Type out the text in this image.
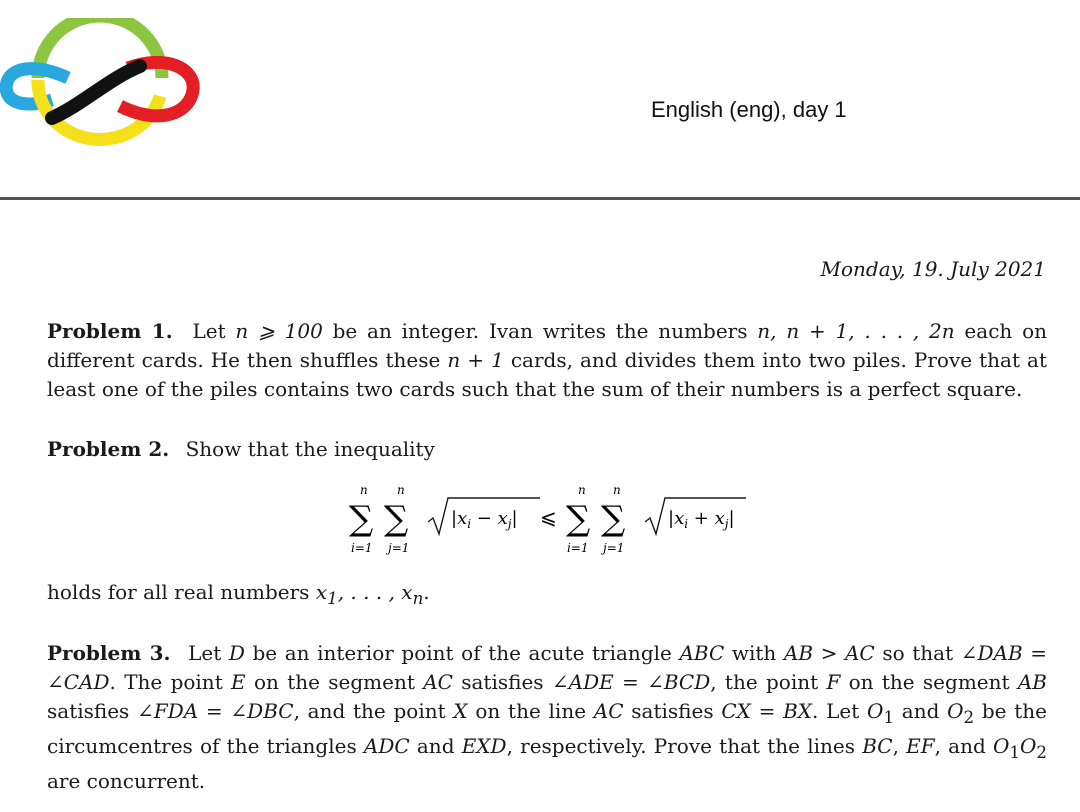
English (eng), day 1
Monday, 19. July 2021
Problem 1. Let n ⩾ 100 be an integer. Ivan writes the numbers n, n + 1, . . . , 2n each on different cards. He then shuffles these n + 1 cards, and divides them into two piles. Prove that at least one of the piles contains two cards such that the sum of their numbers is a perfect square.
Problem 2. Show that the inequality
n n
∑ ∑
i=1 j=1
$|x_i - x_j|$ ⩽
n n
∑ ∑
i=1 j=1
$|x_i + x_j|$
holds for all real numbers $x_1$, . . . , $x_n$.
Problem 3. Let D be an interior point of the acute triangle ABC with AB > AC so that ∠DAB = ∠CAD. The point E on the segment AC satisfies ∠ADE = ∠BCD, the point F on the segment AB satisfies ∠FDA = ∠DBC, and the point X on the line AC satisfies CX = BX. Let $O_1$ and $O_2$ be the circumcentres of the triangles ADC and EXD, respectively. Prove that the lines BC, EF, and $O_1O_2$ are concurrent.
